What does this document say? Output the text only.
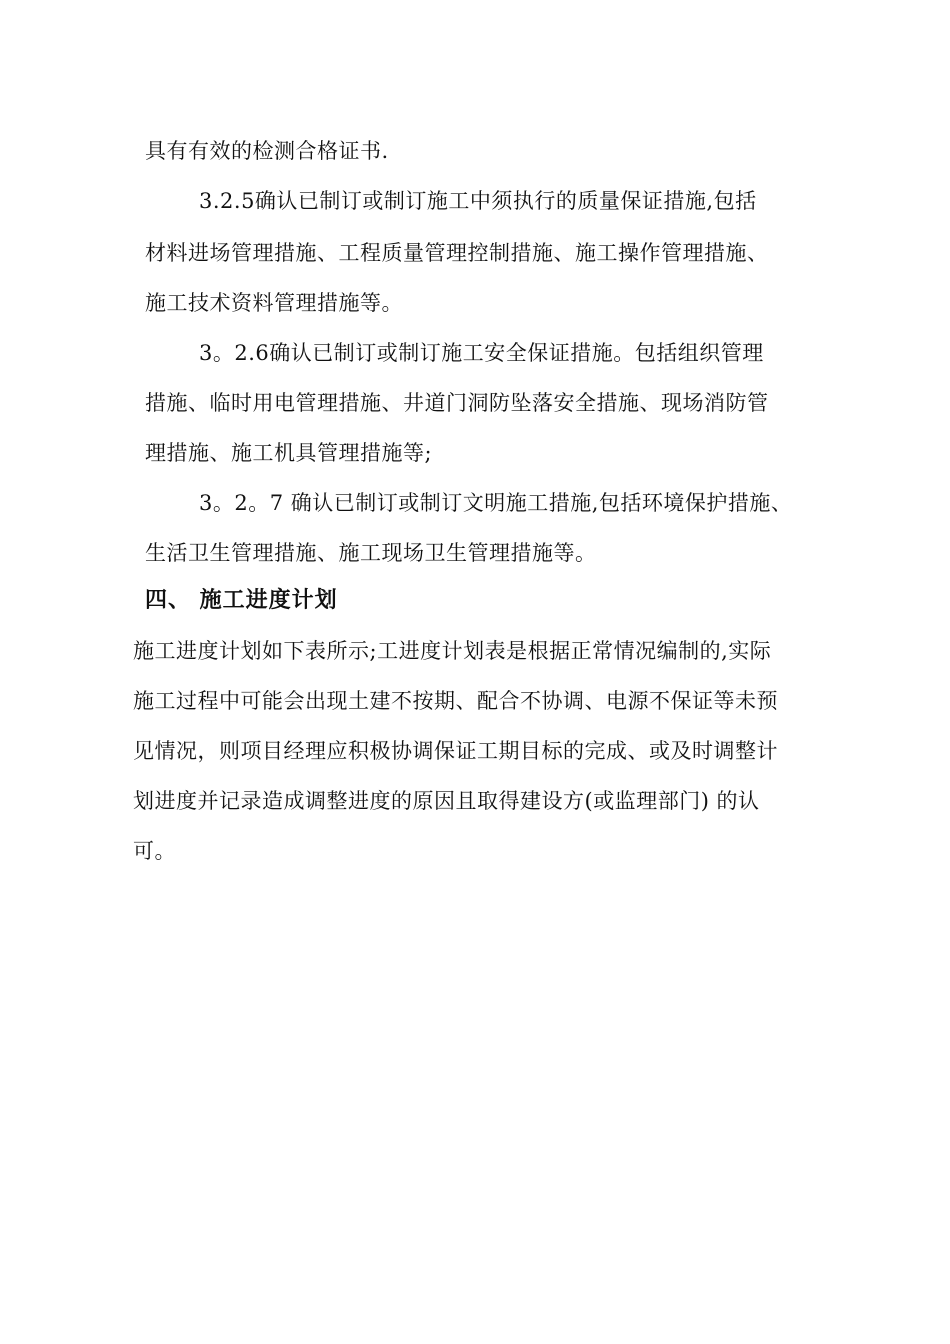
具有有效的检测合格证书.
3.2.5确认已制订或制订施工中须执行的质量保证措施,包括
材料进场管理措施、工程质量管理控制措施、施工操作管理措施、
施工技术资料管理措施等。
3。2.6确认已制订或制订施工安全保证措施。包括组织管理
措施、临时用电管理措施、井道门洞防坠落安全措施、现场消防管
理措施、施工机具管理措施等;
3。2。7 确认已制订或制订文明施工措施,包括环境保护措施、
生活卫生管理措施、施工现场卫生管理措施等。
四、 施工进度计划
施工进度计划如下表所示;工进度计划表是根据正常情况编制的,实际
施工过程中可能会出现土建不按期、配合不协调、电源不保证等未预
见情况，则项目经理应积极协调保证工期目标的完成、或及时调整计
划进度并记录造成调整进度的原因且取得建设方(或监理部门) 的认
可。
